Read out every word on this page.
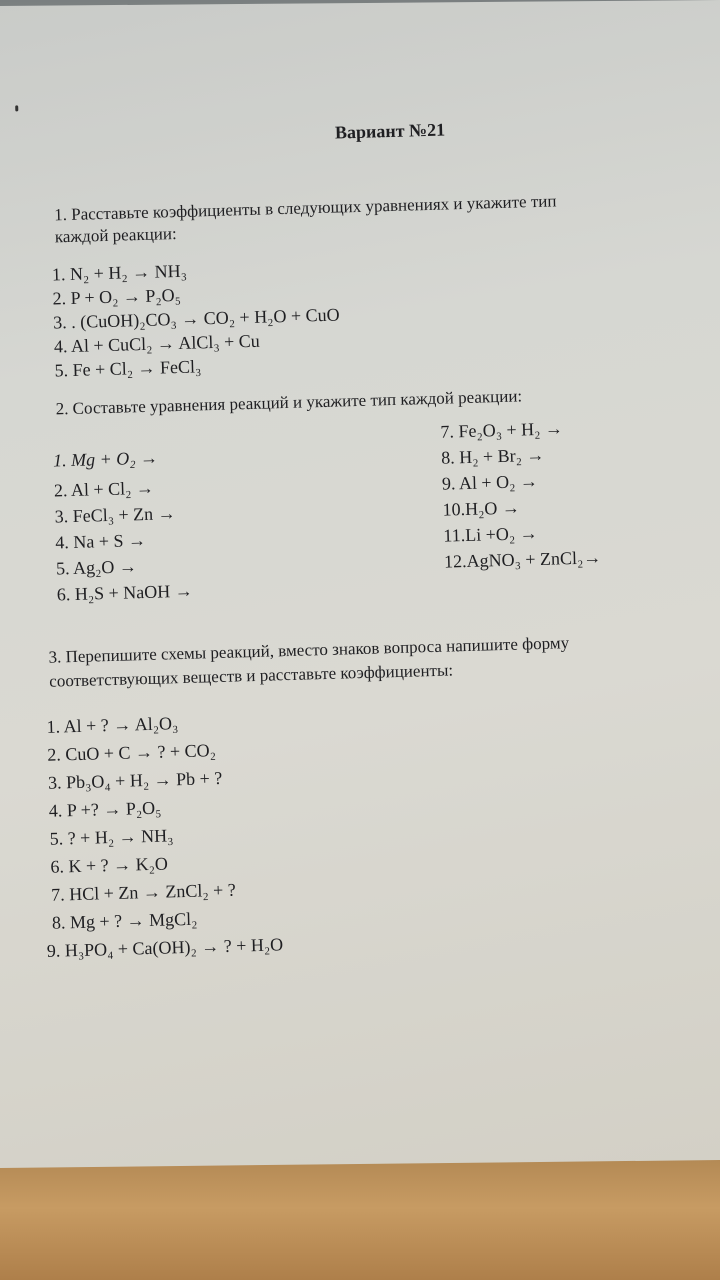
Вариант №21
1. Расставьте коэффициенты в следующих уравнениях и укажите тип
каждой реакции:
1. N₂ + H₂ → NH₃
2. P + O₂ → P₂O₅
3. . (CuOH)₂CO₃ → CO₂ + H₂O + CuO
4. Al + CuCl₂ → AlCl₃ + Cu
5. Fe + Cl₂ → FeCl₃
2. Составьте уравнения реакций и укажите тип каждой реакции:
1. Mg + O₂ →
2. Al + Cl₂ →
3. FeCl₃ + Zn →
4. Na + S →
5. Ag₂O →
6. H₂S + NaOH →
7. Fe₂O₃ + H₂ →
8. H₂ + Br₂ →
9. Al + O₂ →
10.H₂O →
11.Li +O₂ →
12.AgNO₃ + ZnCl₂→
3. Перепишите схемы реакций, вместо знаков вопроса напишите форму
соответствующих веществ и расставьте коэффициенты:
1. Al + ? → Al₂O₃
2. CuO + C → ? + CO₂
3. Pb₃O₄ + H₂ → Pb + ?
4. P +? → P₂O₅
5. ? + H₂ → NH₃
6. K + ? → K₂O
7. HCl + Zn → ZnCl₂ + ?
8. Mg + ? → MgCl₂
9. H₃PO₄ + Ca(OH)₂ → ? + H₂O
